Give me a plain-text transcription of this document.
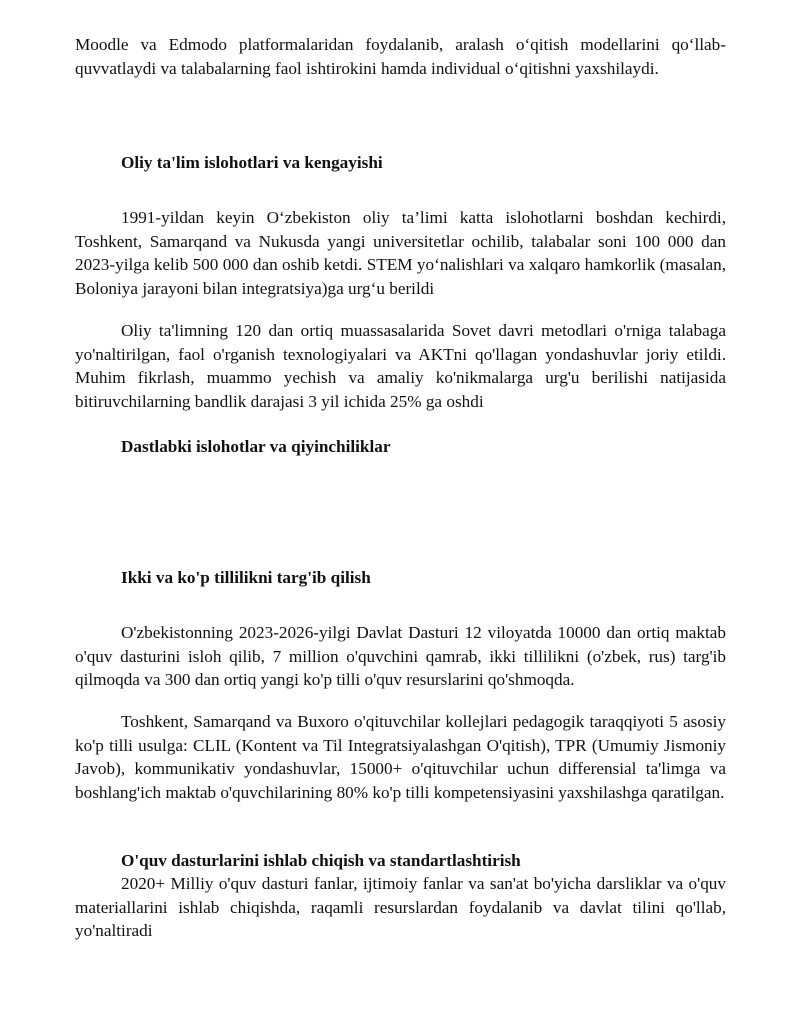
Moodle va Edmodo platformalaridan foydalanib, aralash o‘qitish modellarini qo‘llab-quvvatlaydi va talabalarning faol ishtirokini hamda individual o‘qitishni yaxshilaydi.

Oliy ta'lim islohotlari va kengayishi

1991-yildan keyin O‘zbekiston oliy ta’limi katta islohotlarni boshdan kechirdi, Toshkent, Samarqand va Nukusda yangi universitetlar ochilib, talabalar soni 100 000 dan 2023-yilga kelib 500 000 dan oshib ketdi. STEM yo‘nalishlari va xalqaro hamkorlik (masalan, Boloniya jarayoni bilan integratsiya)ga urg‘u berildi

Oliy ta'limning 120 dan ortiq muassasalarida Sovet davri metodlari o'rniga talabaga yo'naltirilgan, faol o'rganish texnologiyalari va AKTni qo'llagan yondashuvlar joriy etildi. Muhim fikrlash, muammo yechish va amaliy ko'nikmalarga urg'u berilishi natijasida bitiruvchilarning bandlik darajasi 3 yil ichida 25% ga oshdi

Dastlabki islohotlar va qiyinchiliklar
Ikki va ko'p tillilikni targ'ib qilish

O'zbekistonning 2023-2026-yilgi Davlat Dasturi 12 viloyatda 10000 dan ortiq maktab o'quv dasturini isloh qilib, 7 million o'quvchini qamrab, ikki tillilikni (o'zbek, rus) targ'ib qilmoqda va 300 dan ortiq yangi ko'p tilli o'quv resurslarini qo'shmoqda.

Toshkent, Samarqand va Buxoro o'qituvchilar kollejlari pedagogik taraqqiyoti 5 asosiy ko'p tilli usulga: CLIL (Kontent va Til Integratsiyalashgan O'qitish), TPR (Umumiy Jismoniy Javob), kommunikativ yondashuvlar, 15000+ o'qituvchilar uchun differensial ta'limga va boshlang'ich maktab o'quvchilarining 80% ko'p tilli kompetensiyasini yaxshilashga qaratilgan.

O'quv dasturlarini ishlab chiqish va standartlashtirish

2020+ Milliy o'quv dasturi fanlar, ijtimoiy fanlar va san'at bo'yicha darsliklar va o'quv materiallarini ishlab chiqishda, raqamli resurslardan foydalanib va davlat tilini qo'llab, yo'naltiradi
